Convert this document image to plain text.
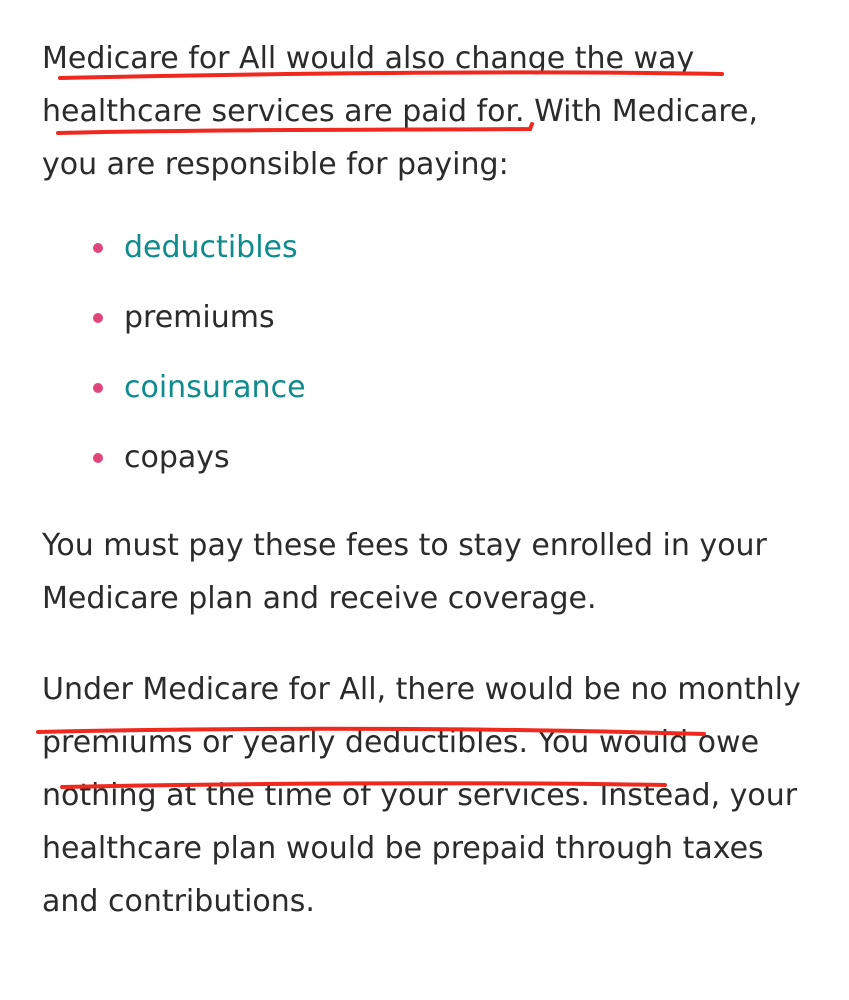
Medicare for All would also change the way healthcare services are paid for. With Medicare, you are responsible for paying:

deductibles
premiums
coinsurance
copays

You must pay these fees to stay enrolled in your Medicare plan and receive coverage.

Under Medicare for All, there would be no monthly premiums or yearly deductibles. You would owe nothing at the time of your services. Instead, your healthcare plan would be prepaid through taxes and contributions.
